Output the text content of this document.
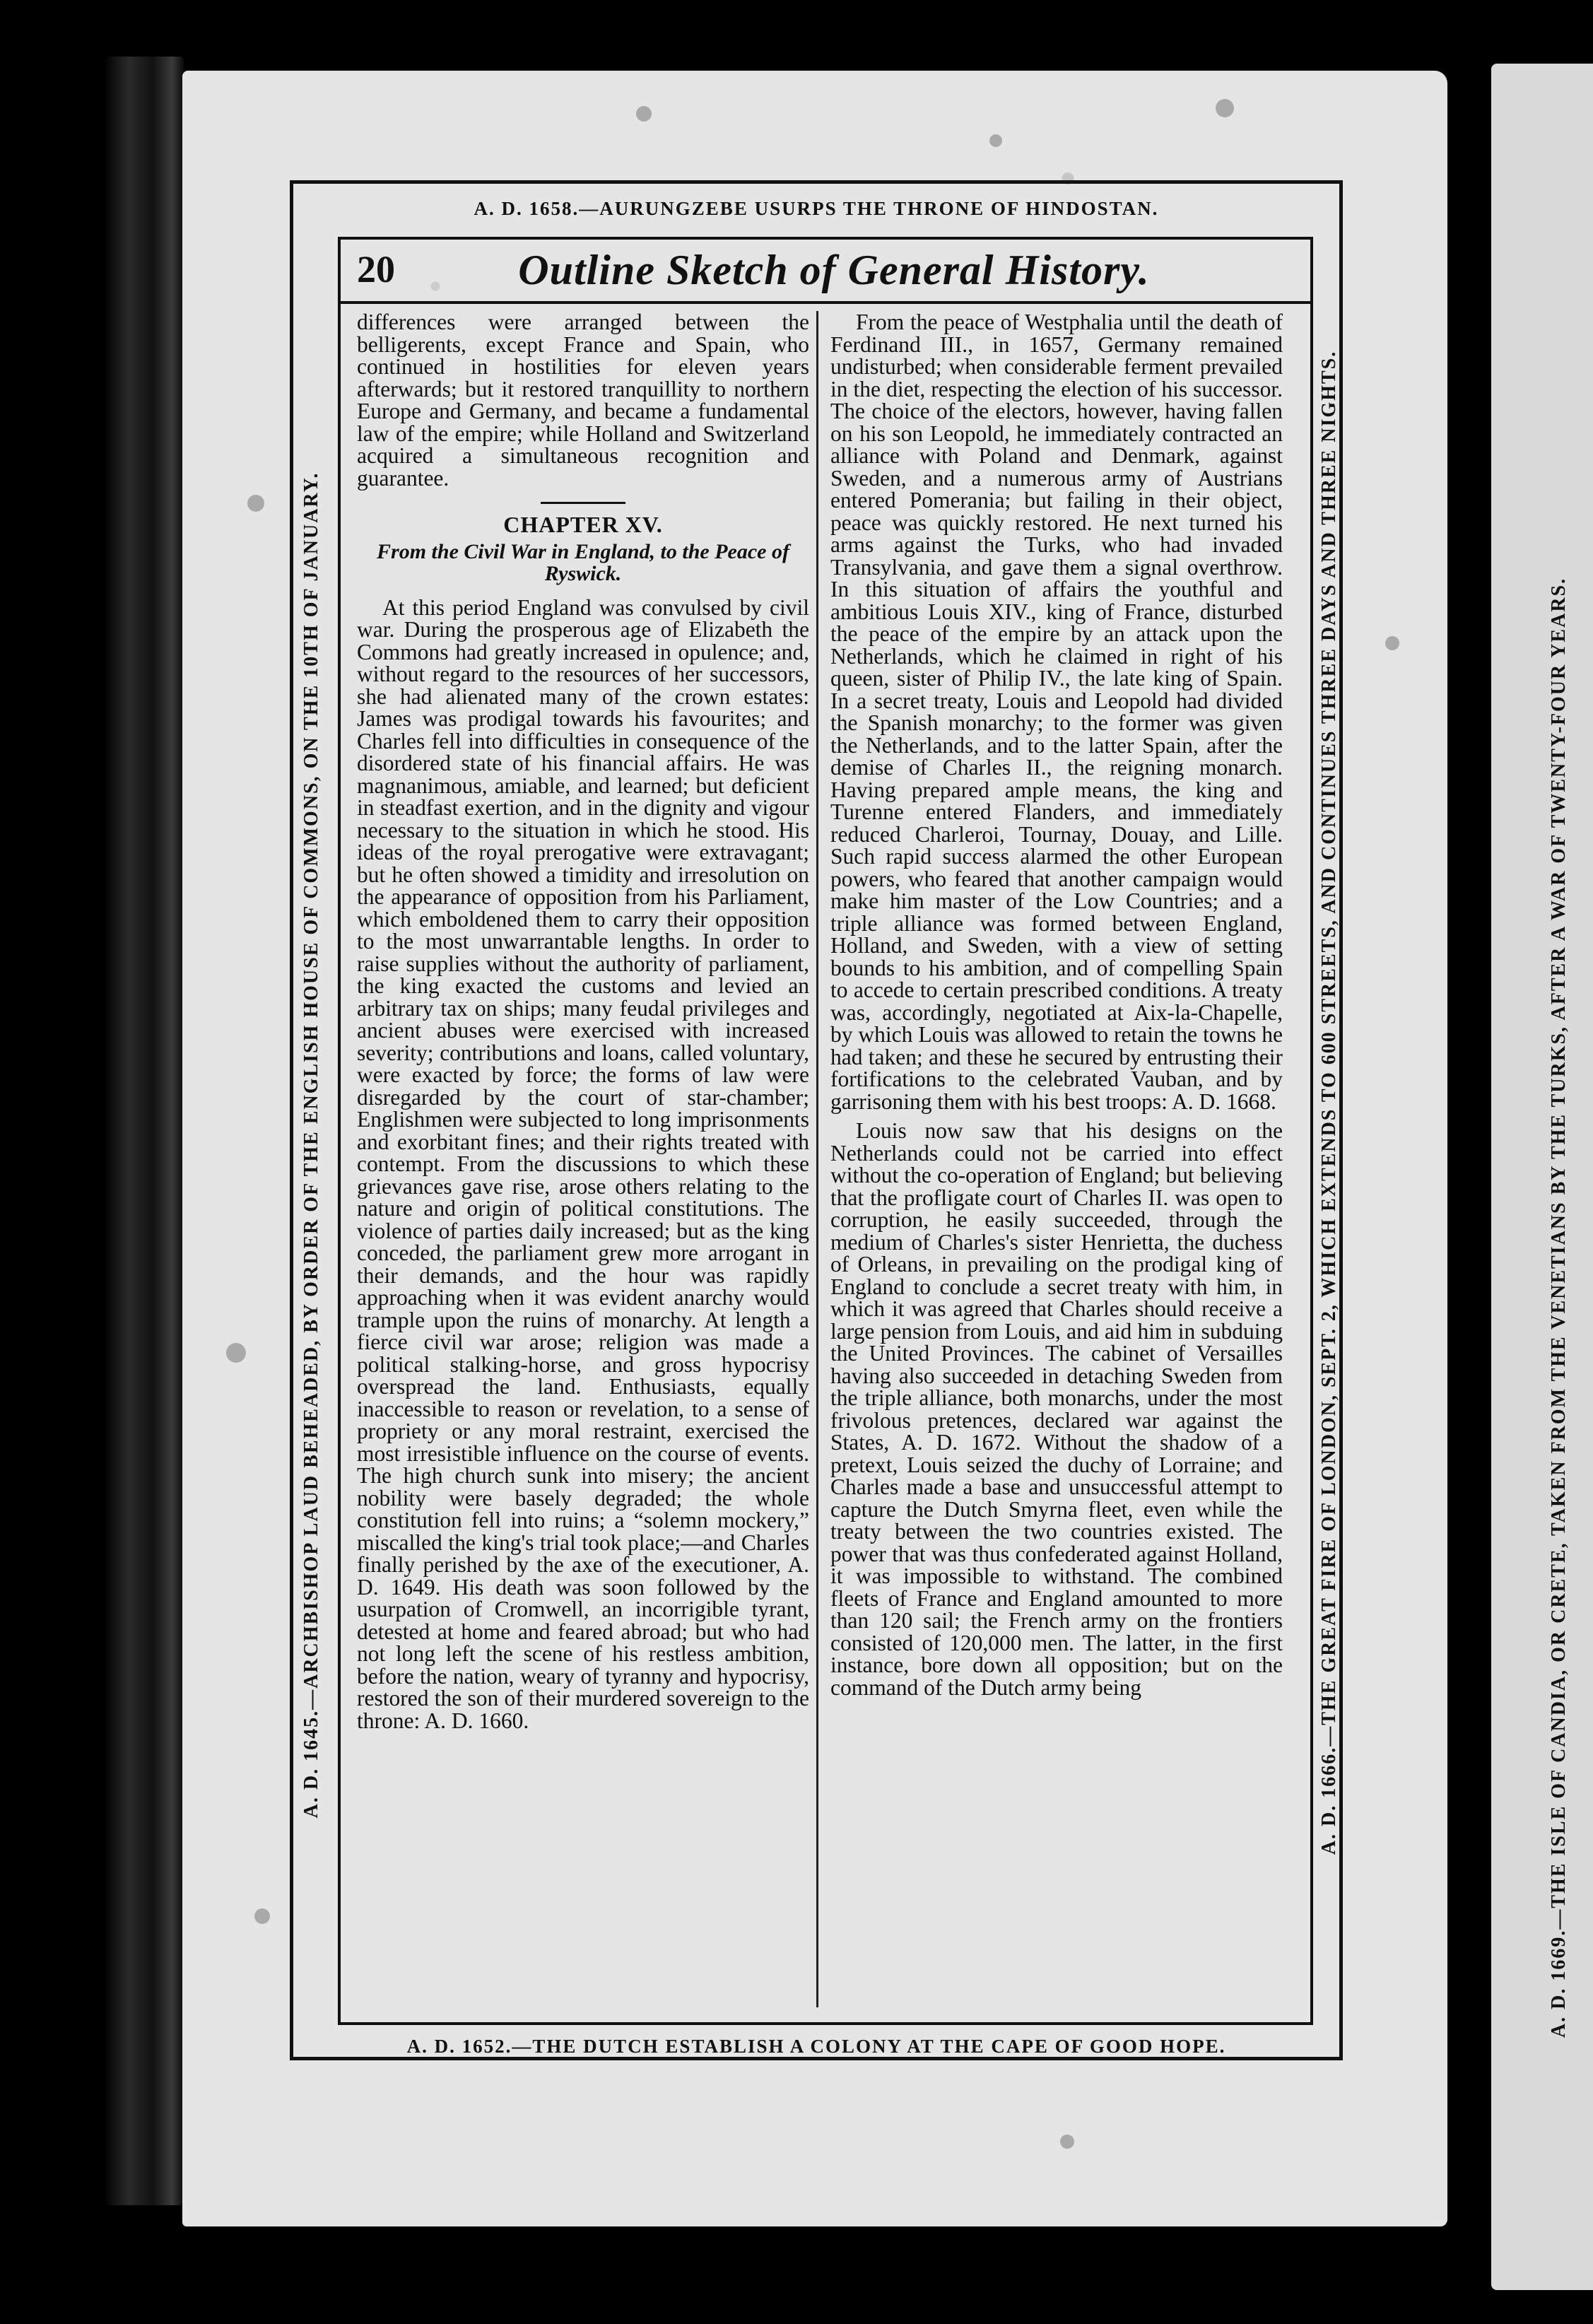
A. D. 1658.—AURUNGZEBE USURPS THE THRONE OF HINDOSTAN.
A. D. 1652.—THE DUTCH ESTABLISH A COLONY AT THE CAPE OF GOOD HOPE.
A. D. 1645.—ARCHBISHOP LAUD BEHEADED, BY ORDER OF THE ENGLISH HOUSE OF COMMONS, ON THE 10TH OF JANUARY.	A. D. 1666.—THE GREAT FIRE OF LONDON, SEPT. 2, WHICH EXTENDS TO 600 STREETS, AND CONTINUES THREE DAYS AND THREE NIGHTS.	A. D. 1669.—THE ISLE OF CANDIA, OR CRETE, TAKEN FROM THE VENETIANS BY THE TURKS, AFTER A WAR OF TWENTY-FOUR YEARS.
20	Outline Sketch of General History.

differences were arranged between the belligerents, except France and Spain, who continued in hostilities for eleven years afterwards; but it restored tranquillity to northern Europe and Germany, and became a fundamental law of the empire; while Holland and Switzerland acquired a simultaneous recognition and guarantee.

CHAPTER XV.
From the Civil War in England, to the Peace of Ryswick.

At this period England was convulsed by civil war. During the prosperous age of Elizabeth the Commons had greatly increased in opulence; and, without regard to the resources of her successors, she had alienated many of the crown estates: James was prodigal towards his favourites; and Charles fell into difficulties in consequence of the disordered state of his financial affairs. He was magnanimous, amiable, and learned; but deficient in steadfast exertion, and in the dignity and vigour necessary to the situation in which he stood. His ideas of the royal prerogative were extravagant; but he often showed a timidity and irresolution on the appearance of opposition from his Parliament, which emboldened them to carry their opposition to the most unwarrantable lengths. In order to raise supplies without the authority of parliament, the king exacted the customs and levied an arbitrary tax on ships; many feudal privileges and ancient abuses were exercised with increased severity; contributions and loans, called voluntary, were exacted by force; the forms of law were disregarded by the court of star-chamber; Englishmen were subjected to long imprisonments and exorbitant fines; and their rights treated with contempt. From the discussions to which these grievances gave rise, arose others relating to the nature and origin of political constitutions. The violence of parties daily increased; but as the king conceded, the parliament grew more arrogant in their demands, and the hour was rapidly approaching when it was evident anarchy would trample upon the ruins of monarchy. At length a fierce civil war arose; religion was made a political stalking-horse, and gross hypocrisy overspread the land. Enthusiasts, equally inaccessible to reason or revelation, to a sense of propriety or any moral restraint, exercised the most irresistible influence on the course of events. The high church sunk into misery; the ancient nobility were basely degraded; the whole constitution fell into ruins; a “solemn mockery,” miscalled the king's trial took place;—and Charles finally perished by the axe of the executioner, A. D. 1649. His death was soon followed by the usurpation of Cromwell, an incorrigible tyrant, detested at home and feared abroad; but who had not long left the scene of his restless ambition, before the nation, weary of tyranny and hypocrisy, restored the son of their murdered sovereign to the throne: A. D. 1660.

From the peace of Westphalia until the death of Ferdinand III., in 1657, Germany remained undisturbed; when considerable ferment prevailed in the diet, respecting the election of his successor. The choice of the electors, however, having fallen on his son Leopold, he immediately contracted an alliance with Poland and Denmark, against Sweden, and a numerous army of Austrians entered Pomerania; but failing in their object, peace was quickly restored. He next turned his arms against the Turks, who had invaded Transylvania, and gave them a signal overthrow. In this situation of affairs the youthful and ambitious Louis XIV., king of France, disturbed the peace of the empire by an attack upon the Netherlands, which he claimed in right of his queen, sister of Philip IV., the late king of Spain. In a secret treaty, Louis and Leopold had divided the Spanish monarchy; to the former was given the Netherlands, and to the latter Spain, after the demise of Charles II., the reigning monarch. Having prepared ample means, the king and Turenne entered Flanders, and immediately reduced Charleroi, Tournay, Douay, and Lille. Such rapid success alarmed the other European powers, who feared that another campaign would make him master of the Low Countries; and a triple alliance was formed between England, Holland, and Sweden, with a view of setting bounds to his ambition, and of compelling Spain to accede to certain prescribed conditions. A treaty was, accordingly, negotiated at Aix-la-Chapelle, by which Louis was allowed to retain the towns he had taken; and these he secured by entrusting their fortifications to the celebrated Vauban, and by garrisoning them with his best troops: A. D. 1668.

Louis now saw that his designs on the Netherlands could not be carried into effect without the co-operation of England; but believing that the profligate court of Charles II. was open to corruption, he easily succeeded, through the medium of Charles's sister Henrietta, the duchess of Orleans, in prevailing on the prodigal king of England to conclude a secret treaty with him, in which it was agreed that Charles should receive a large pension from Louis, and aid him in subduing the United Provinces. The cabinet of Versailles having also succeeded in detaching Sweden from the triple alliance, both monarchs, under the most frivolous pretences, declared war against the States, A. D. 1672. Without the shadow of a pretext, Louis seized the duchy of Lorraine; and Charles made a base and unsuccessful attempt to capture the Dutch Smyrna fleet, even while the treaty between the two countries existed. The power that was thus confederated against Holland, it was impossible to withstand. The combined fleets of France and England amounted to more than 120 sail; the French army on the frontiers consisted of 120,000 men. The latter, in the first instance, bore down all opposition; but on the command of the Dutch army being
